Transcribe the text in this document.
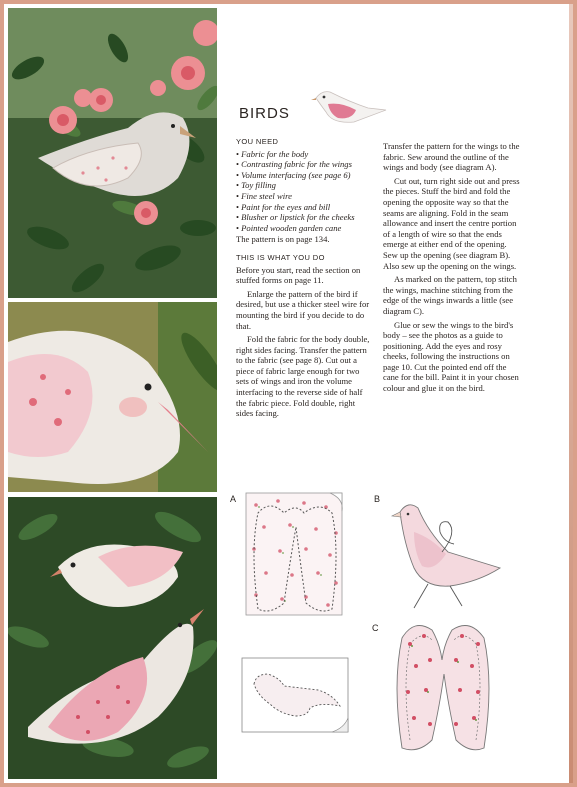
BIRDS
YOU NEED
• Fabric for the body
• Contrasting fabric for the wings
• Volume interfacing (see page 6)
• Toy filling
• Fine steel wire
• Paint for the eyes and bill
• Blusher or lipstick for the cheeks
• Pointed wooden garden cane

The pattern is on page 134.

THIS IS WHAT YOU DO

Before you start, read the section on stuffed forms on page 11.

Enlarge the pattern of the bird if desired, but use a thicker steel wire for mounting the bird if you decide to do that.

Fold the fabric for the body double, right sides facing. Transfer the pattern to the fabric (see page 8). Cut out a piece of fabric large enough for two sets of wings and iron the volume interfacing to the reverse side of half the fabric piece. Fold double, right sides facing.

Transfer the pattern for the wings to the fabric. Sew around the outline of the wings and body (see diagram A).

Cut out, turn right side out and press the pieces. Stuff the bird and fold the opening the opposite way so that the seams are aligning. Fold in the seam allowance and insert the centre portion of a length of wire so that the ends emerge at either end of the opening. Sew up the opening (see diagram B). Also sew up the opening on the wings.

As marked on the pattern, top stitch the wings, machine stitching from the edge of the wings inwards a little (see diagram C).

Glue or sew the wings to the bird's body – see the photos as a guide to positioning. Add the eyes and rosy cheeks, following the instructions on page 10. Cut the pointed end off the cane for the bill. Paint it in your chosen colour and glue it on the bird.

A	B
C
